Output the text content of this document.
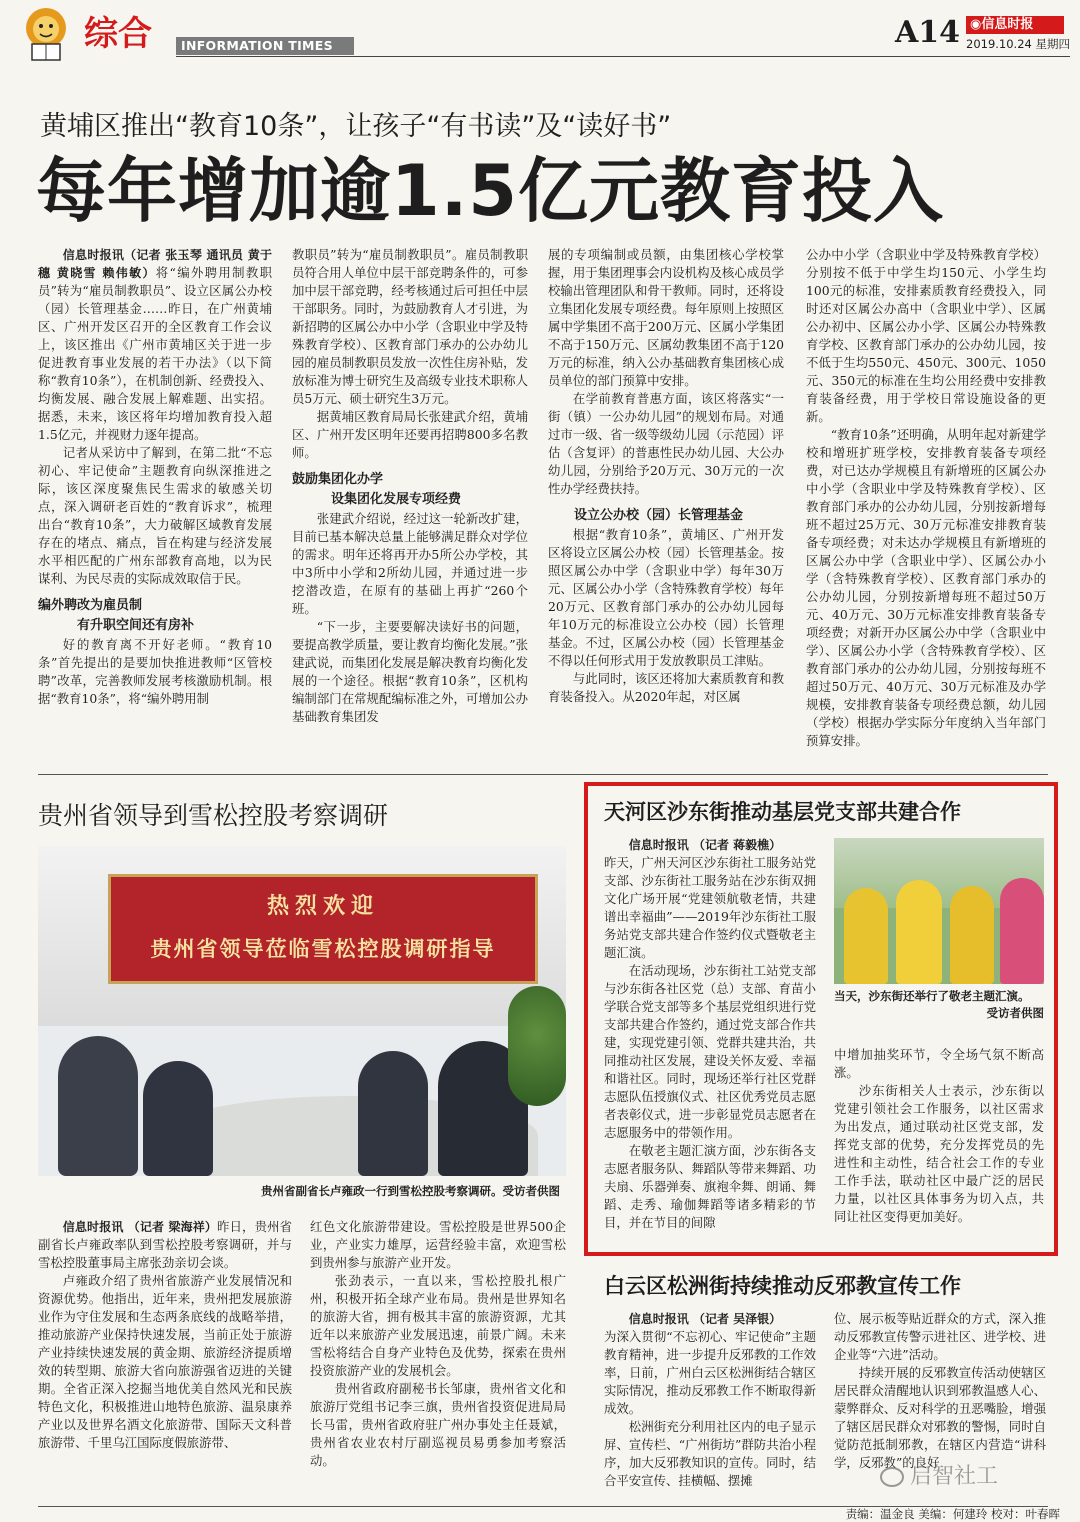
综合	INFORMATION TIMES	A14 ◉信息时报
2019.10.24 星期四
黄埔区推出“教育10条”，让孩子“有书读”及“读好书”
每年增加逾1.5亿元教育投入

信息时报讯（记者 张玉琴 通讯员 黄于穗 黄晓雪 赖伟敏）将“编外聘用制教职员”转为“雇员制教职员”、设立区属公办校（园）长管理基金……昨日，在广州黄埔区、广州开发区召开的全区教育工作会议上，该区推出《广州市黄埔区关于进一步促进教育事业发展的若干办法》（以下简称“教育10条”），在机制创新、经费投入、均衡发展、融合发展上解难题、出实招。据悉，未来，该区将年均增加教育投入超1.5亿元，并视财力逐年提高。

记者从采访中了解到，在第二批“不忘初心、牢记使命”主题教育向纵深推进之际，该区深度聚焦民生需求的敏感关切点，深入调研老百姓的“教育诉求”，梳理出台“教育10条”，大力破解区域教育发展存在的堵点、痛点，旨在构建与经济发展水平相匹配的广州东部教育高地，以为民谋利、为民尽责的实际成效取信于民。

编外聘改为雇员制
有升职空间还有房补

好的教育离不开好老师。“教育10条”首先提出的是要加快推进教师“区管校聘”改革，完善教师发展考核激励机制。根据“教育10条”，将“编外聘用制

教职员”转为“雇员制教职员”。雇员制教职员符合用人单位中层干部竞聘条件的，可参加中层干部竞聘，经考核通过后可担任中层干部职务。同时，为鼓励教育人才引进，为新招聘的区属公办中小学（含职业中学及特殊教育学校）、区教育部门承办的公办幼儿园的雇员制教职员发放一次性住房补贴，发放标准为博士研究生及高级专业技术职称人员5万元、硕士研究生3万元。

据黄埔区教育局局长张建武介绍，黄埔区、广州开发区明年还要再招聘800多名教师。

鼓励集团化办学
设集团化发展专项经费

张建武介绍说，经过这一轮新改扩建，目前已基本解决总量上能够满足群众对学位的需求。明年还将再开办5所公办学校，其中3所中小学和2所幼儿园，并通过进一步挖潜改造，在原有的基础上再扩“260个班。

“下一步，主要要解决读好书的问题，要提高教学质量，要让教育均衡化发展。”张建武说，而集团化发展是解决教育均衡化发展的一个途径。根据“教育10条”，区机构编制部门在常规配编标准之外，可增加公办基础教育集团发

展的专项编制或员额，由集团核心学校掌握，用于集团理事会内设机构及核心成员学校输出管理团队和骨干教师。同时，还将设立集团化发展专项经费。每年原则上按照区属中学集团不高于200万元、区属小学集团不高于150万元、区属幼教集团不高于120万元的标准，纳入公办基础教育集团核心成员单位的部门预算中安排。

在学前教育普惠方面，该区将落实“一街（镇）一公办幼儿园”的规划布局。对通过市一级、省一级等级幼儿园（示范园）评估（含复评）的普惠性民办幼儿园、大公办幼儿园，分别给予20万元、30万元的一次性办学经费扶持。

设立公办校（园）长管理基金

根据“教育10条”，黄埔区、广州开发区将设立区属公办校（园）长管理基金。按照区属公办中学（含职业中学）每年30万元、区属公办小学（含特殊教育学校）每年20万元、区教育部门承办的公办幼儿园每年10万元的标准设立公办校（园）长管理基金。不过，区属公办校（园）长管理基金不得以任何形式用于发放教职员工津贴。

与此同时，该区还将加大素质教育和教育装备投入。从2020年起，对区属

公办中小学（含职业中学及特殊教育学校）分别按不低于中学生均150元、小学生均100元的标准，安排素质教育经费投入，同时还对区属公办高中（含职业中学）、区属公办初中、区属公办小学、区属公办特殊教育学校、区教育部门承办的公办幼儿园，按不低于生均550元、450元、300元、1050元、350元的标准在生均公用经费中安排教育装备经费，用于学校日常设施设备的更新。

“教育10条”还明确，从明年起对新建学校和增班扩班学校，安排教育装备专项经费，对已达办学规模且有新增班的区属公办中小学（含职业中学及特殊教育学校）、区教育部门承办的公办幼儿园，分别按新增每班不超过25万元、30万元标准安排教育装备专项经费；对未达办学规模且有新增班的区属公办中学（含职业中学）、区属公办小学（含特殊教育学校）、区教育部门承办的公办幼儿园，分别按新增每班不超过50万元、40万元、30万元标准安排教育装备专项经费；对新开办区属公办中学（含职业中学）、区属公办小学（含特殊教育学校）、区教育部门承办的公办幼儿园，分别按每班不超过50万元、40万元、30万元标准及办学规模，安排教育装备专项经费总额，幼儿园（学校）根据办学实际分年度纳入当年部门预算安排。

贵州省领导到雪松控股考察调研
热烈欢迎
贵州省领导莅临雪松控股调研指导
贵州省副省长卢雍政一行到雪松控股考察调研。受访者供图

信息时报讯 （记者 梁海祥）昨日，贵州省副省长卢雍政率队到雪松控股考察调研，并与雪松控股董事局主席张劲亲切会谈。

卢雍政介绍了贵州省旅游产业发展情况和资源优势。他指出，近年来，贵州把发展旅游业作为守住发展和生态两条底线的战略举措，推动旅游产业保持快速发展，当前正处于旅游产业持续快速发展的黄金期、旅游经济提质增效的转型期、旅游大省向旅游强省迈进的关键期。全省正深入挖掘当地优美自然风光和民族特色文化，积极推进山地特色旅游、温泉康养产业以及世界名酒文化旅游带、国际天文科普旅游带、千里乌江国际度假旅游带、

红色文化旅游带建设。雪松控股是世界500企业，产业实力雄厚，运营经验丰富，欢迎雪松到贵州参与旅游产业开发。

张劲表示，一直以来，雪松控股扎根广州，积极开拓全球产业布局。贵州是世界知名的旅游大省，拥有极其丰富的旅游资源，尤其近年以来旅游产业发展迅速，前景广阔。未来雪松将结合自身产业特色及优势，探索在贵州投资旅游产业的发展机会。

贵州省政府副秘书长邹康，贵州省文化和旅游厅党组书记李三旗，贵州省投资促进局局长马雷，贵州省政府驻广州办事处主任聂斌，贵州省农业农村厅副巡视员易勇参加考察活动。

天河区沙东街推动基层党支部共建合作
当天，沙东街还举行了敬老主题汇演。
受访者供图

信息时报讯 （记者 蒋毅樵）

昨天，广州天河区沙东街社工服务站党支部、沙东街社工服务站在沙东街双拥文化广场开展“党建领航敬老情，共建谱出幸福曲”——2019年沙东街社工服务站党支部共建合作签约仪式暨敬老主题汇演。

在活动现场，沙东街社工站党支部与沙东街各社区党（总）支部、育苗小学联合党支部等多个基层党组织进行党支部共建合作签约，通过党支部合作共建，实现党建引领、党群共建共治，共同推动社区发展，建设关怀友爱、幸福和谐社区。同时，现场还举行社区党群志愿队伍授旗仪式、社区优秀党员志愿者表彰仪式，进一步彰显党员志愿者在志愿服务中的带领作用。

在敬老主题汇演方面，沙东街各支志愿者服务队、舞蹈队等带来舞蹈、功夫扇、乐器弹奏、旗袍伞舞、朗诵、舞蹈、走秀、瑜伽舞蹈等诸多精彩的节目，并在节目的间隙

中增加抽奖环节，令全场气氛不断高涨。

沙东街相关人士表示，沙东街以党建引领社会工作服务，以社区需求为出发点，通过联动社区党支部，发挥党支部的优势，充分发挥党员的先进性和主动性，结合社会工作的专业工作手法，联动社区中最广泛的居民力量，以社区具体事务为切入点，共同让社区变得更加美好。

白云区松洲街持续推动反邪教宣传工作

信息时报讯 （记者 吴泽银）

为深入贯彻“不忘初心、牢记使命”主题教育精神，进一步提升反邪教的工作效率，日前，广州白云区松洲街结合辖区实际情况，推动反邪教工作不断取得新成效。

松洲街充分利用社区内的电子显示屏、宣传栏、“广州街坊”群防共治小程序，加大反邪教知识的宣传。同时，结合平安宣传、挂横幅、摆摊

位、展示板等贴近群众的方式，深入推动反邪教宣传警示进社区、进学校、进企业等“六进”活动。

持续开展的反邪教宣传活动使辖区居民群众清醒地认识到邪教温感人心、蒙弊群众、反对科学的丑恶嘴脸，增强了辖区居民群众对邪教的警惕，同时自觉防范抵制邪教，在辖区内营造“讲科学，反邪教”的良好

启智社工
责编：温金良 美编：何建玲 校对：叶春晖
